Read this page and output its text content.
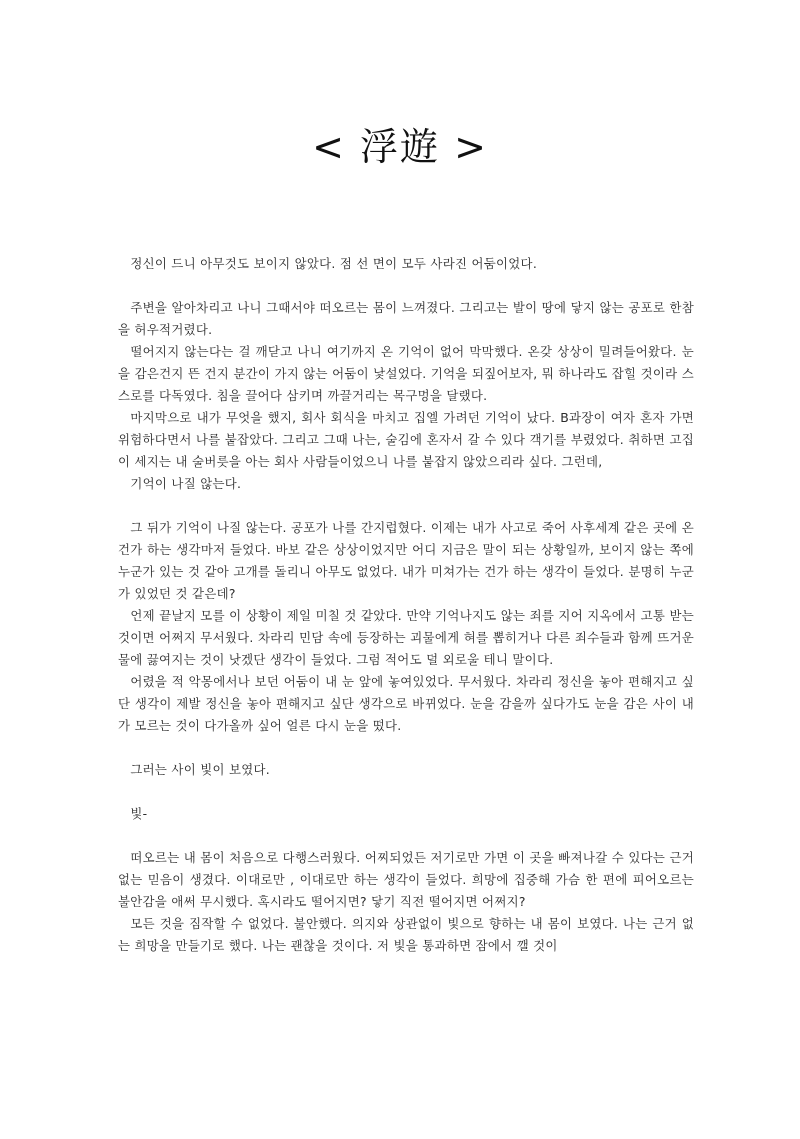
< 浮遊 >

정신이 드니 아무것도 보이지 않았다. 점 선 면이 모두 사라진 어둠이었다.

주변을 알아차리고 나니 그때서야 떠오르는 몸이 느껴졌다. 그리고는 발이 땅에 닿지 않는 공포로 한참을 허우적거렸다.

떨어지지 않는다는 걸 깨닫고 나니 여기까지 온 기억이 없어 막막했다. 온갖 상상이 밀려들어왔다. 눈을 감은건지 뜬 건지 분간이 가지 않는 어둠이 낯설었다. 기억을 되짚어보자, 뭐 하나라도 잡힐 것이라 스스로를 다독였다. 침을 끌어다 삼키며 까끌거리는 목구멍을 달랬다.

마지막으로 내가 무엇을 했지, 회사 회식을 마치고 집엘 가려던 기억이 났다. B과장이 여자 혼자 가면 위험하다면서 나를 붙잡았다. 그리고 그때 나는, 술김에 혼자서 갈 수 있다 객기를 부렸었다. 취하면 고집이 세지는 내 술버릇을 아는 회사 사람들이었으니 나를 붙잡지 않았으리라 싶다. 그런데,

기억이 나질 않는다.

그 뒤가 기억이 나질 않는다. 공포가 나를 간지럽혔다. 이제는 내가 사고로 죽어 사후세계 같은 곳에 온 건가 하는 생각마저 들었다. 바보 같은 상상이었지만 어디 지금은 말이 되는 상황일까, 보이지 않는 쪽에 누군가 있는 것 같아 고개를 돌리니 아무도 없었다. 내가 미쳐가는 건가 하는 생각이 들었다. 분명히 누군가 있었던 것 같은데?

언제 끝날지 모를 이 상황이 제일 미칠 것 같았다. 만약 기억나지도 않는 죄를 지어 지옥에서 고통 받는 것이면 어쩌지 무서웠다. 차라리 민담 속에 등장하는 괴물에게 혀를 뽑히거나 다른 죄수들과 함께 뜨거운 물에 끓여지는 것이 낫겠단 생각이 들었다. 그럼 적어도 덜 외로울 테니 말이다.

어렸을 적 악몽에서나 보던 어둠이 내 눈 앞에 놓여있었다. 무서웠다. 차라리 정신을 놓아 편해지고 싶단 생각이 제발 정신을 놓아 편해지고 싶단 생각으로 바뀌었다. 눈을 감을까 싶다가도 눈을 감은 사이 내가 모르는 것이 다가올까 싶어 얼른 다시 눈을 떴다.

그러는 사이 빛이 보였다.

빛-

떠오르는 내 몸이 처음으로 다행스러웠다. 어찌되었든 저기로만 가면 이 곳을 빠져나갈 수 있다는 근거 없는 믿음이 생겼다. 이대로만 , 이대로만 하는 생각이 들었다. 희망에 집중해 가슴 한 편에 피어오르는 불안감을 애써 무시했다. 혹시라도 떨어지면? 닿기 직전 떨어지면 어쩌지?

모든 것을 짐작할 수 없었다. 불안했다. 의지와 상관없이 빛으로 향하는 내 몸이 보였다. 나는 근거 없는 희망을 만들기로 했다. 나는 괜찮을 것이다. 저 빛을 통과하면 잠에서 깰 것이
